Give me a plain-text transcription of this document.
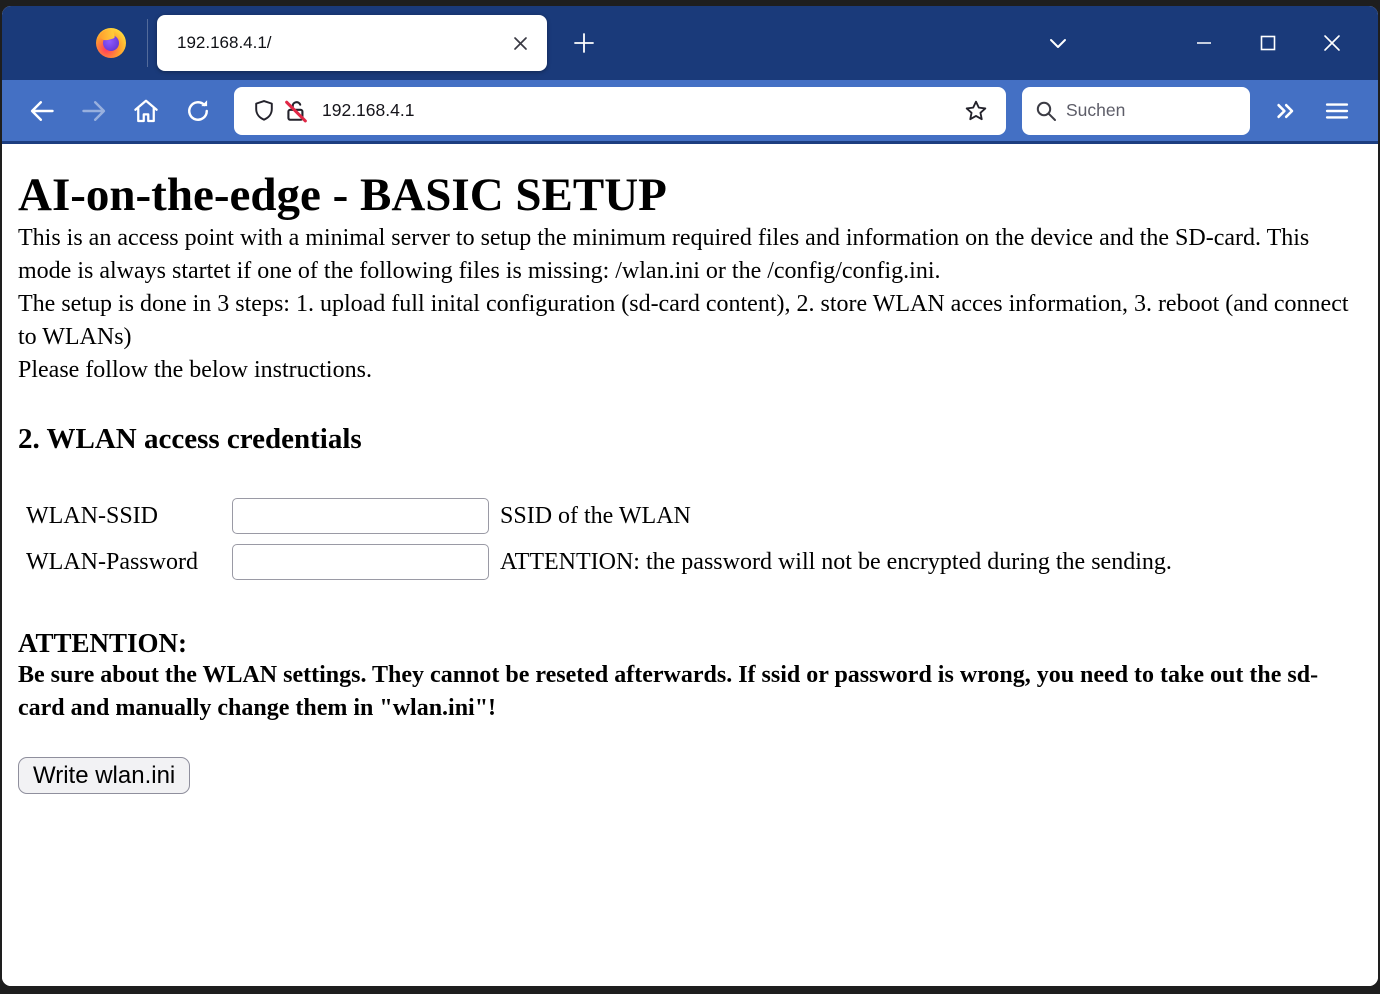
192.168.4.1/
192.168.4.1	Suchen
AI-on-the-edge - BASIC SETUP

This is an access point with a minimal server to setup the minimum required files and information on the device and the SD-card. This mode is always startet if one of the following files is missing: /wlan.ini or the /config/config.ini.

The setup is done in 3 steps: 1. upload full inital configuration (sd-card content), 2. store WLAN acces information, 3. reboot (and connect to WLANs)

Please follow the below instructions.

2. WLAN access credentials
WLAN-SSID	SSID of the WLAN
WLAN-Password	ATTENTION: the password will not be encrypted during the sending.
ATTENTION:

Be sure about the WLAN settings. They cannot be reseted afterwards. If ssid or password is wrong, you need to take out the sd-card and manually change them in "wlan.ini"!

Write wlan.ini
